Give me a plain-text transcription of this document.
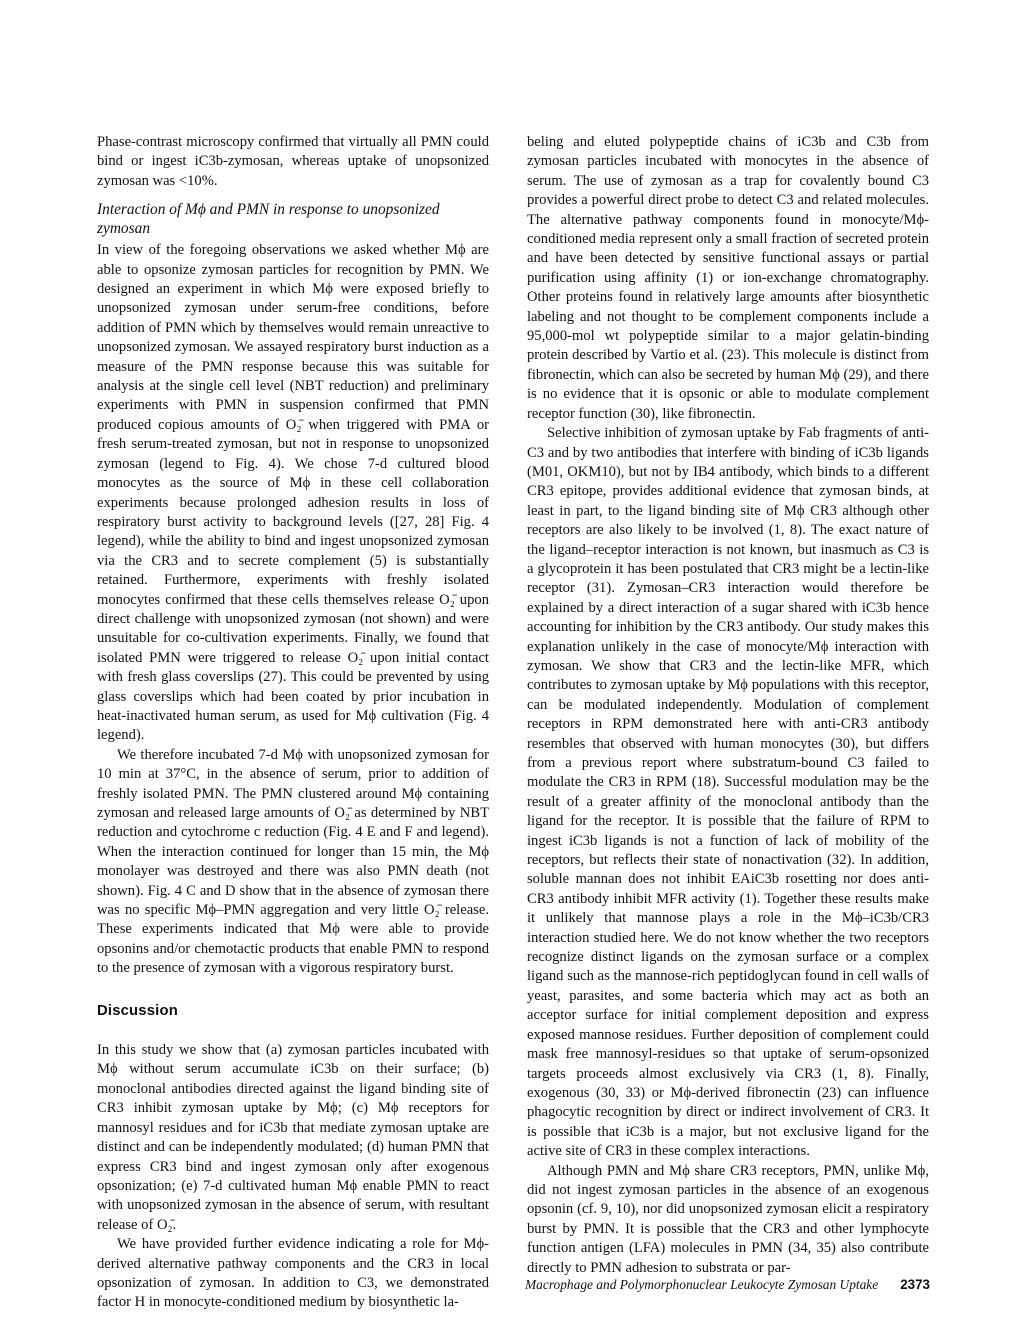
Phase-contrast microscopy confirmed that virtually all PMN could bind or ingest iC3b-zymosan, whereas uptake of unopsonized zymosan was <10%.

Interaction of Mϕ and PMN in response to unopsonized zymosan

In view of the foregoing observations we asked whether Mϕ are able to opsonize zymosan particles for recognition by PMN. We designed an experiment in which Mϕ were exposed briefly to unopsonized zymosan under serum-free conditions, before addition of PMN which by themselves would remain unreactive to unopsonized zymosan. We assayed respiratory burst induction as a measure of the PMN response because this was suitable for analysis at the single cell level (NBT reduction) and preliminary experiments with PMN in suspension confirmed that PMN produced copious amounts of O₂̄ when triggered with PMA or fresh serum-treated zymosan, but not in response to unopsonized zymosan (legend to Fig. 4). We chose 7-d cultured blood monocytes as the source of Mϕ in these cell collaboration experiments because prolonged adhesion results in loss of respiratory burst activity to background levels ([27, 28] Fig. 4 legend), while the ability to bind and ingest unopsonized zymosan via the CR3 and to secrete complement (5) is substantially retained. Furthermore, experiments with freshly isolated monocytes confirmed that these cells themselves release O₂̄ upon direct challenge with unopsonized zymosan (not shown) and were unsuitable for co-cultivation experiments. Finally, we found that isolated PMN were triggered to release O₂̄ upon initial contact with fresh glass coverslips (27). This could be prevented by using glass coverslips which had been coated by prior incubation in heat-inactivated human serum, as used for Mϕ cultivation (Fig. 4 legend).

We therefore incubated 7-d Mϕ with unopsonized zymosan for 10 min at 37°C, in the absence of serum, prior to addition of freshly isolated PMN. The PMN clustered around Mϕ containing zymosan and released large amounts of O₂̄ as determined by NBT reduction and cytochrome c reduction (Fig. 4 E and F and legend). When the interaction continued for longer than 15 min, the Mϕ monolayer was destroyed and there was also PMN death (not shown). Fig. 4 C and D show that in the absence of zymosan there was no specific Mϕ–PMN aggregation and very little O₂̄ release. These experiments indicated that Mϕ were able to provide opsonins and/or chemotactic products that enable PMN to respond to the presence of zymosan with a vigorous respiratory burst.

Discussion

In this study we show that (a) zymosan particles incubated with Mϕ without serum accumulate iC3b on their surface; (b) monoclonal antibodies directed against the ligand binding site of CR3 inhibit zymosan uptake by Mϕ; (c) Mϕ receptors for mannosyl residues and for iC3b that mediate zymosan uptake are distinct and can be independently modulated; (d) human PMN that express CR3 bind and ingest zymosan only after exogenous opsonization; (e) 7-d cultivated human Mϕ enable PMN to react with unopsonized zymosan in the absence of serum, with resultant release of O₂̄.

We have provided further evidence indicating a role for Mϕ-derived alternative pathway components and the CR3 in local opsonization of zymosan. In addition to C3, we demonstrated factor H in monocyte-conditioned medium by biosynthetic la-

beling and eluted polypeptide chains of iC3b and C3b from zymosan particles incubated with monocytes in the absence of serum. The use of zymosan as a trap for covalently bound C3 provides a powerful direct probe to detect C3 and related molecules. The alternative pathway components found in monocyte/Mϕ-conditioned media represent only a small fraction of secreted protein and have been detected by sensitive functional assays or partial purification using affinity (1) or ion-exchange chromatography. Other proteins found in relatively large amounts after biosynthetic labeling and not thought to be complement components include a 95,000-mol wt polypeptide similar to a major gelatin-binding protein described by Vartio et al. (23). This molecule is distinct from fibronectin, which can also be secreted by human Mϕ (29), and there is no evidence that it is opsonic or able to modulate complement receptor function (30), like fibronectin.

Selective inhibition of zymosan uptake by Fab fragments of anti-C3 and by two antibodies that interfere with binding of iC3b ligands (M01, OKM10), but not by IB4 antibody, which binds to a different CR3 epitope, provides additional evidence that zymosan binds, at least in part, to the ligand binding site of Mϕ CR3 although other receptors are also likely to be involved (1, 8). The exact nature of the ligand–receptor interaction is not known, but inasmuch as C3 is a glycoprotein it has been postulated that CR3 might be a lectin-like receptor (31). Zymosan–CR3 interaction would therefore be explained by a direct interaction of a sugar shared with iC3b hence accounting for inhibition by the CR3 antibody. Our study makes this explanation unlikely in the case of monocyte/Mϕ interaction with zymosan. We show that CR3 and the lectin-like MFR, which contributes to zymosan uptake by Mϕ populations with this receptor, can be modulated independently. Modulation of complement receptors in RPM demonstrated here with anti-CR3 antibody resembles that observed with human monocytes (30), but differs from a previous report where substratum-bound C3 failed to modulate the CR3 in RPM (18). Successful modulation may be the result of a greater affinity of the monoclonal antibody than the ligand for the receptor. It is possible that the failure of RPM to ingest iC3b ligands is not a function of lack of mobility of the receptors, but reflects their state of nonactivation (32). In addition, soluble mannan does not inhibit EAiC3b rosetting nor does anti-CR3 antibody inhibit MFR activity (1). Together these results make it unlikely that mannose plays a role in the Mϕ–iC3b/CR3 interaction studied here. We do not know whether the two receptors recognize distinct ligands on the zymosan surface or a complex ligand such as the mannose-rich peptidoglycan found in cell walls of yeast, parasites, and some bacteria which may act as both an acceptor surface for initial complement deposition and express exposed mannose residues. Further deposition of complement could mask free mannosyl-residues so that uptake of serum-opsonized targets proceeds almost exclusively via CR3 (1, 8). Finally, exogenous (30, 33) or Mϕ-derived fibronectin (23) can influence phagocytic recognition by direct or indirect involvement of CR3. It is possible that iC3b is a major, but not exclusive ligand for the active site of CR3 in these complex interactions.

Although PMN and Mϕ share CR3 receptors, PMN, unlike Mϕ, did not ingest zymosan particles in the absence of an exogenous opsonin (cf. 9, 10), nor did unopsonized zymosan elicit a respiratory burst by PMN. It is possible that the CR3 and other lymphocyte function antigen (LFA) molecules in PMN (34, 35) also contribute directly to PMN adhesion to substrata or par-

Macrophage and Polymorphonuclear Leukocyte Zymosan Uptake 2373
